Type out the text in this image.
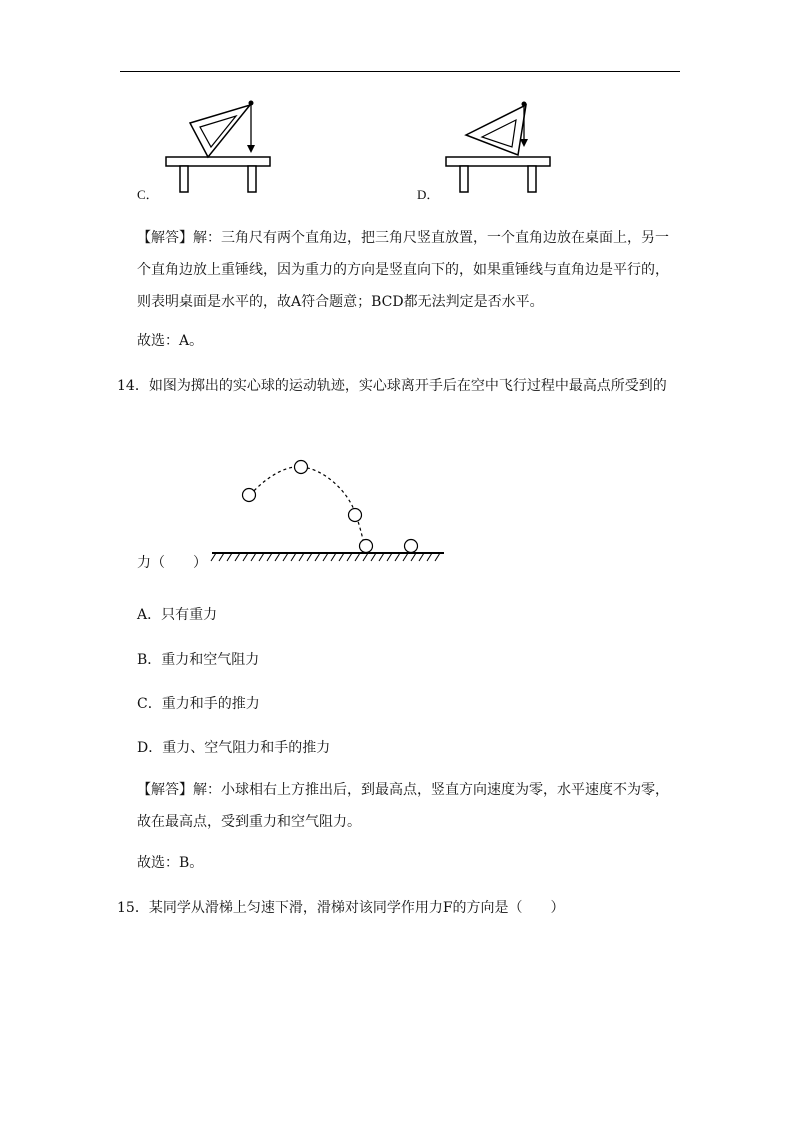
C．	D．
【解答】解：三角尺有两个直角边，把三角尺竖直放置，一个直角边放在桌面上，另一
个直角边放上重锤线，因为重力的方向是竖直向下的，如果重锤线与直角边是平行的，
则表明桌面是水平的，故A符合题意；BCD都无法判定是否水平。
故选：A。
14．如图为掷出的实心球的运动轨迹，实心球离开手后在空中飞行过程中最高点所受到的
力（　　）
A．只有重力
B．重力和空气阻力
C．重力和手的推力
D．重力、空气阻力和手的推力
【解答】解：小球相右上方推出后，到最高点，竖直方向速度为零，水平速度不为零，
故在最高点，受到重力和空气阻力。
故选：B。
15．某同学从滑梯上匀速下滑，滑梯对该同学作用力F的方向是（　　）
